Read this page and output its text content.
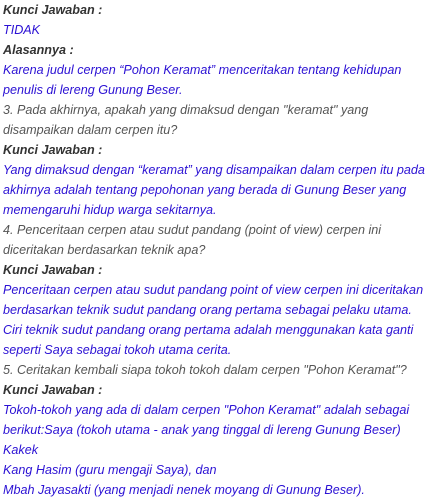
Kunci Jawaban :
TIDAK
Alasannya :
Karena judul cerpen “Pohon Keramat” menceritakan tentang kehidupan
penulis di lereng Gunung Beser.
3. Pada akhirnya, apakah yang dimaksud dengan "keramat" yang
disampaikan dalam cerpen itu?
Kunci Jawaban :
Yang dimaksud dengan “keramat” yang disampaikan dalam cerpen itu pada
akhirnya adalah tentang pepohonan yang berada di Gunung Beser yang
memengaruhi hidup warga sekitarnya.
4. Penceritaan cerpen atau sudut pandang (point of view) cerpen ini
diceritakan berdasarkan teknik apa?
Kunci Jawaban :
Penceritaan cerpen atau sudut pandang point of view cerpen ini diceritakan
berdasarkan teknik sudut pandang orang pertama sebagai pelaku utama.
Ciri teknik sudut pandang orang pertama adalah menggunakan kata ganti
seperti Saya sebagai tokoh utama cerita.
5. Ceritakan kembali siapa tokoh tokoh dalam cerpen "Pohon Keramat"?
Kunci Jawaban :
Tokoh-tokoh yang ada di dalam cerpen "Pohon Keramat" adalah sebagai
berikut:Saya (tokoh utama - anak yang tinggal di lereng Gunung Beser)
Kakek
Kang Hasim (guru mengaji Saya), dan
Mbah Jayasakti (yang menjadi nenek moyang di Gunung Beser).
